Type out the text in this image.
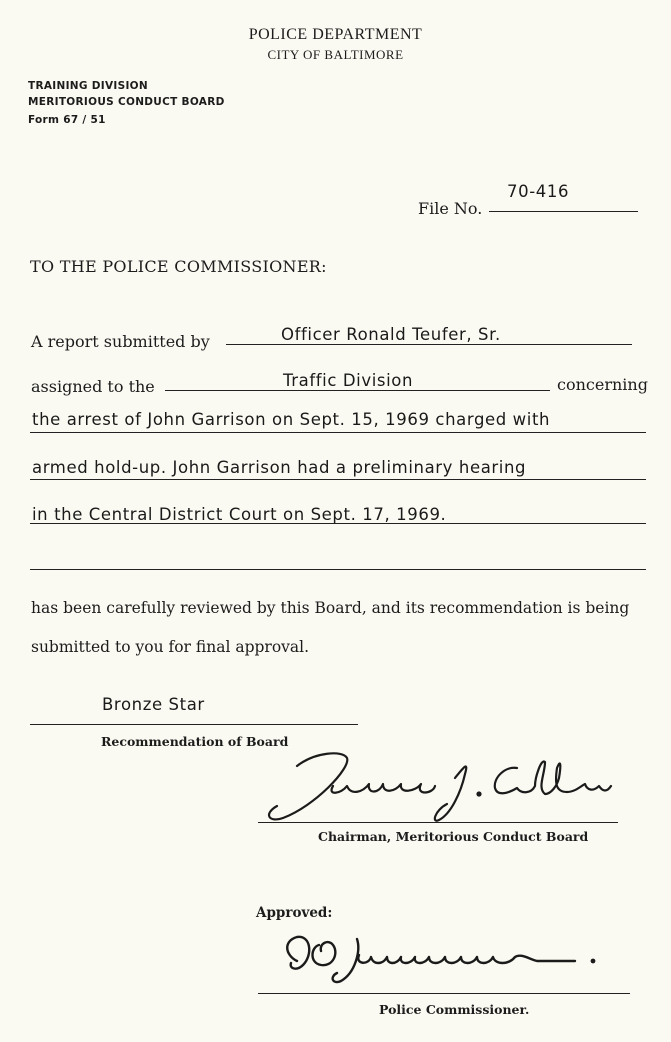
POLICE DEPARTMENT
CITY OF BALTIMORE
TRAINING DIVISION
MERITORIOUS CONDUCT BOARD
Form 67 / 51
File No.
70-416
TO THE POLICE COMMISSIONER:
A report submitted by	Officer Ronald Teufer, Sr.
assigned to the	Traffic Division	concerning
the arrest of John Garrison on Sept. 15, 1969 charged with
armed hold-up. John Garrison had a preliminary hearing
in the Central District Court on Sept. 17, 1969.
has been carefully reviewed by this Board, and its recommendation is being
submitted to you for final approval.
Bronze Star
Recommendation of Board
Chairman, Meritorious Conduct Board
Approved:
Police Commissioner.
